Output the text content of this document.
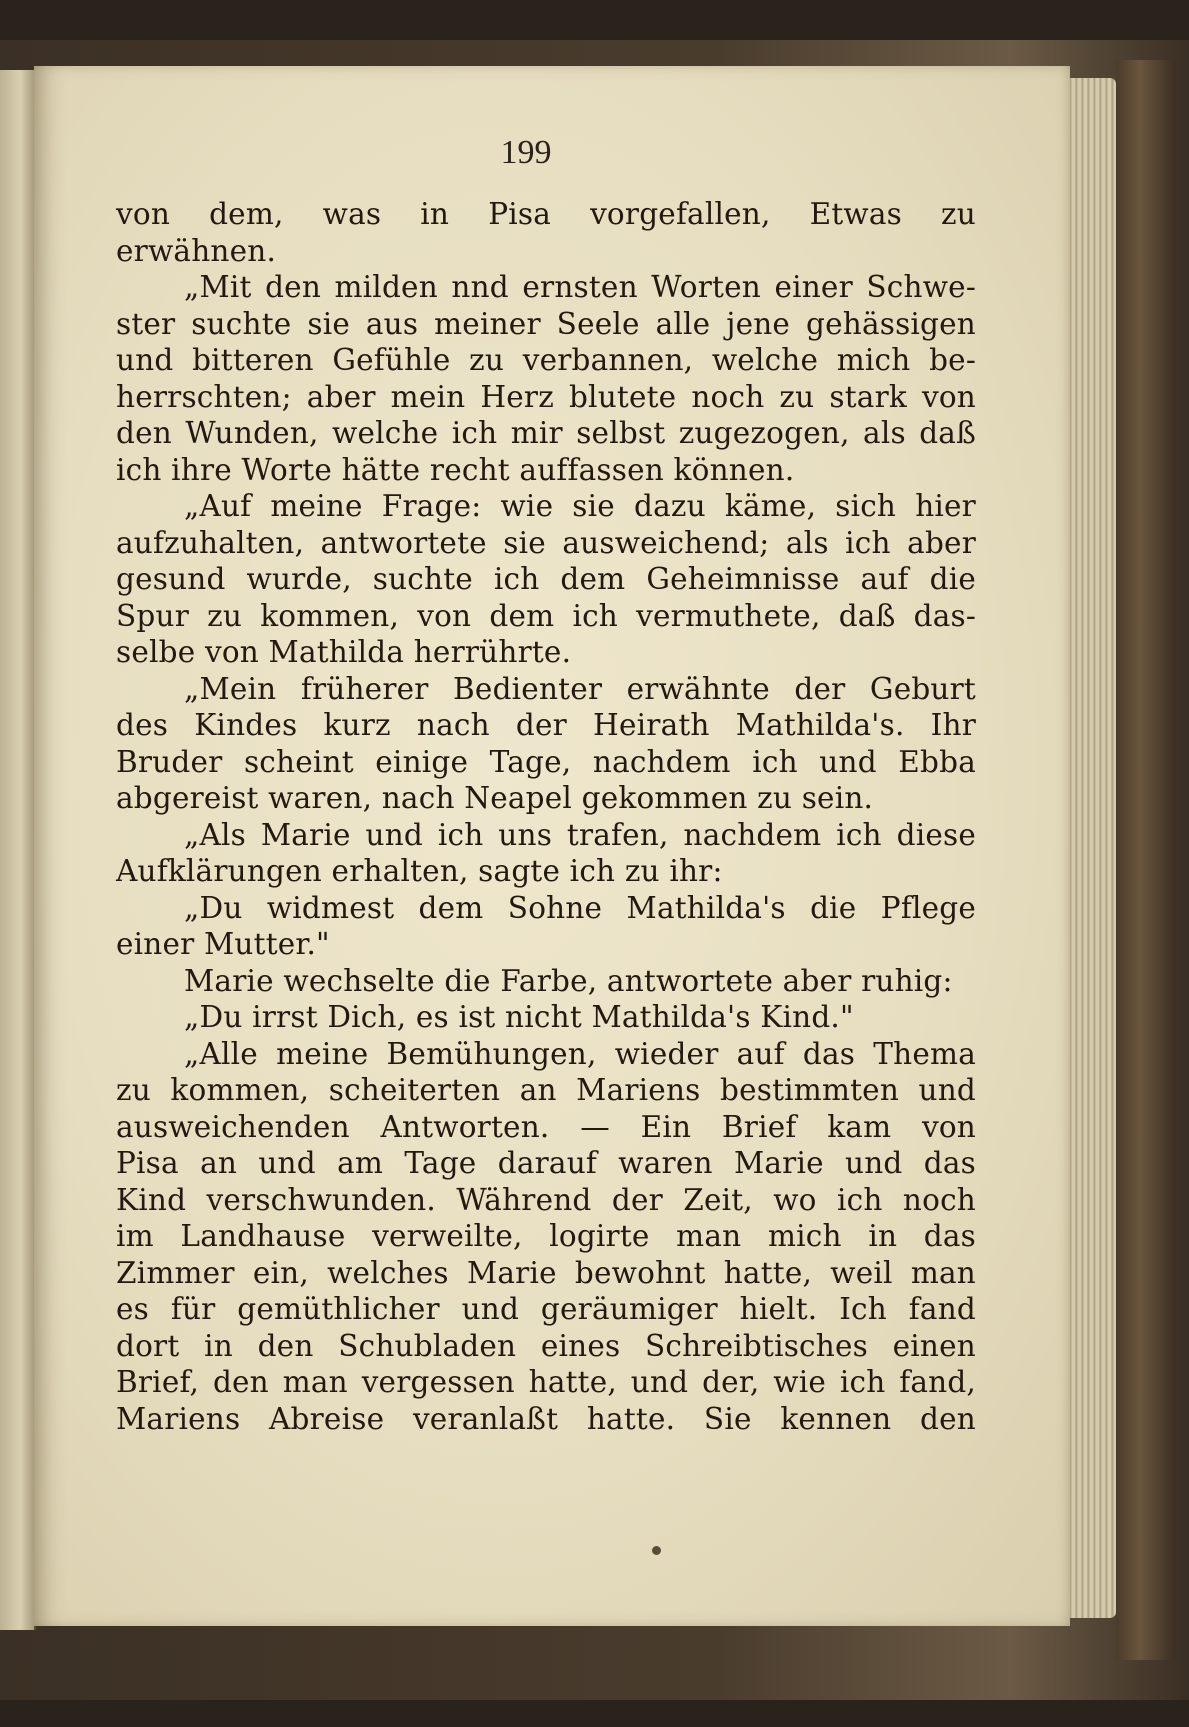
199
von dem, was in Pisa vorgefallen, Etwas zu
erwähnen.
„Mit den milden nnd ernsten Worten einer Schwe-
ster suchte sie aus meiner Seele alle jene gehässigen
und bitteren Gefühle zu verbannen, welche mich be-
herrschten; aber mein Herz blutete noch zu stark von
den Wunden, welche ich mir selbst zugezogen, als daß
ich ihre Worte hätte recht auffassen können.
„Auf meine Frage: wie sie dazu käme, sich hier
aufzuhalten, antwortete sie ausweichend; als ich aber
gesund wurde, suchte ich dem Geheimnisse auf die
Spur zu kommen, von dem ich vermuthete, daß das-
selbe von Mathilda herrührte.
„Mein früherer Bedienter erwähnte der Geburt
des Kindes kurz nach der Heirath Mathilda's. Ihr
Bruder scheint einige Tage, nachdem ich und Ebba
abgereist waren, nach Neapel gekommen zu sein.
„Als Marie und ich uns trafen, nachdem ich diese
Aufklärungen erhalten, sagte ich zu ihr:
„Du widmest dem Sohne Mathilda's die Pflege
einer Mutter."
Marie wechselte die Farbe, antwortete aber ruhig:
„Du irrst Dich, es ist nicht Mathilda's Kind."
„Alle meine Bemühungen, wieder auf das Thema
zu kommen, scheiterten an Mariens bestimmten und
ausweichenden Antworten. — Ein Brief kam von
Pisa an und am Tage darauf waren Marie und das
Kind verschwunden. Während der Zeit, wo ich noch
im Landhause verweilte, logirte man mich in das
Zimmer ein, welches Marie bewohnt hatte, weil man
es für gemüthlicher und geräumiger hielt. Ich fand
dort in den Schubladen eines Schreibtisches einen
Brief, den man vergessen hatte, und der, wie ich fand,
Mariens Abreise veranlaßt hatte. Sie kennen den
